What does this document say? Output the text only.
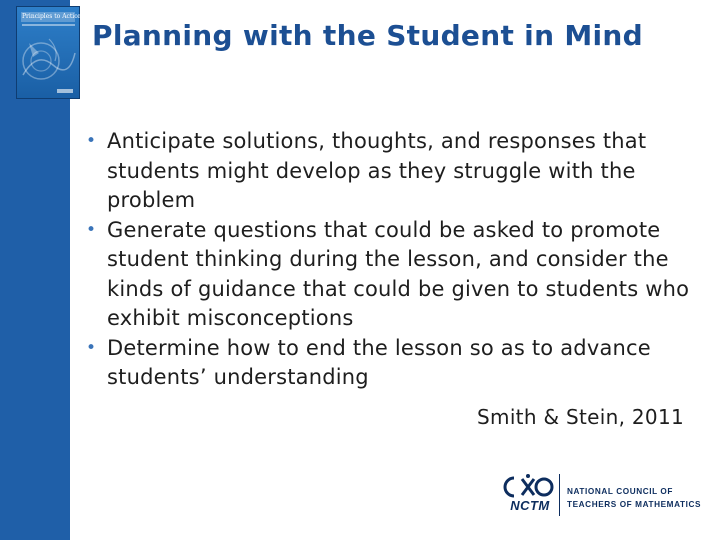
Principles to Actions
Planning with the Student in Mind
• Anticipate solutions, thoughts, and responses that students might develop as they struggle with the problem
• Generate questions that could be asked to promote student thinking during the lesson, and consider the kinds of guidance that could be given to students who exhibit misconceptions
• Determine how to end the lesson so as to advance students’ understanding
Smith & Stein, 2011
NCTM
NATIONAL COUNCIL OF
TEACHERS OF MATHEMATICS
